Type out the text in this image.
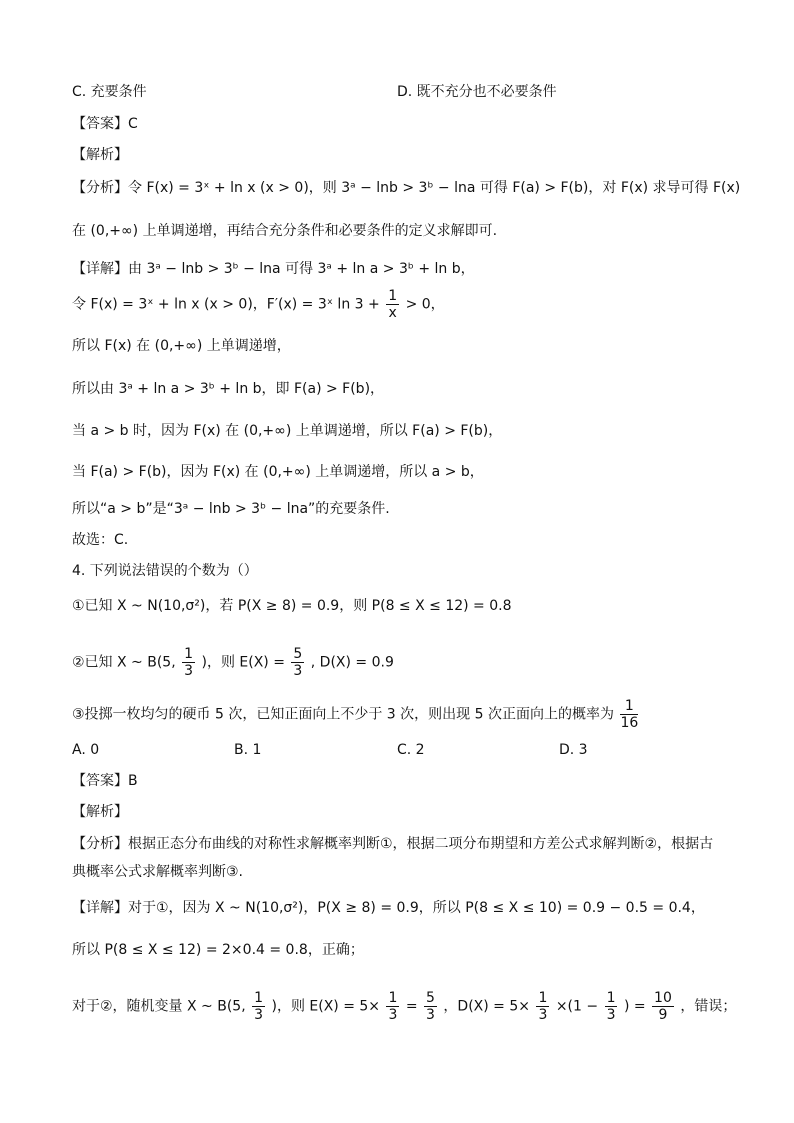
C. 充要条件	D. 既不充分也不必要条件
【答案】C
【解析】
【分析】令 F(x) = 3ˣ + ln x (x > 0)，则 3ᵃ − lnb > 3ᵇ − lna 可得 F(a) > F(b)，对 F(x) 求导可得 F(x)
在 (0,+∞) 上单调递增，再结合充分条件和必要条件的定义求解即可.
【详解】由 3ᵃ − lnb > 3ᵇ − lna 可得 3ᵃ + ln a > 3ᵇ + ln b，
令 F(x) = 3ˣ + ln x (x > 0)，F′(x) = 3ˣ $\ln 3 + \frac{1}{x} > 0$，
所以 F(x) 在 (0,+∞) 上单调递增，
所以由 3ᵃ + ln a > 3ᵇ + ln b，即 F(a) > F(b)，
当 a > b 时，因为 F(x) 在 (0,+∞) 上单调递增，所以 F(a) > F(b)，
当 F(a) > F(b)，因为 F(x) 在 (0,+∞) 上单调递增，所以 a > b，
所以“a > b”是“3ᵃ − lnb > 3ᵇ − lna”的充要条件.
故选：C.
4. 下列说法错误的个数为（）
①已知 X ~ N(10,σ²)，若 P(X ≥ 8) = 0.9，则 P(8 ≤ X ≤ 12) = 0.8
②已知 X ~ B(5, $\frac{1}{3}$ )，则 $E(X) = \frac{5}{3}$ , D(X) = 0.9
③投掷一枚均匀的硬币 5 次，已知正面向上不少于 3 次，则出现 5 次正面向上的概率为 $\frac{1}{16}$
A. 0	B. 1	C. 2	D. 3
【答案】B
【解析】
【分析】根据正态分布曲线的对称性求解概率判断①，根据二项分布期望和方差公式求解判断②，根据古
典概率公式求解概率判断③.
【详解】对于①，因为 X ~ N(10,σ²)，P(X ≥ 8) = 0.9，所以 P(8 ≤ X ≤ 10) = 0.9 − 0.5 = 0.4，
所以 P(8 ≤ X ≤ 12) = 2×0.4 = 0.8，正确；
对于②，随机变量 X ~ B(5, $\frac{1}{3}$ )，则 $E(X) = 5\times \frac{1}{3} = \frac{5}{3}$ ，$D(X) = 5\times \frac{1}{3} \times(1 - \frac{1}{3}$ ) = $\frac{10}{9}$ ，错误；
